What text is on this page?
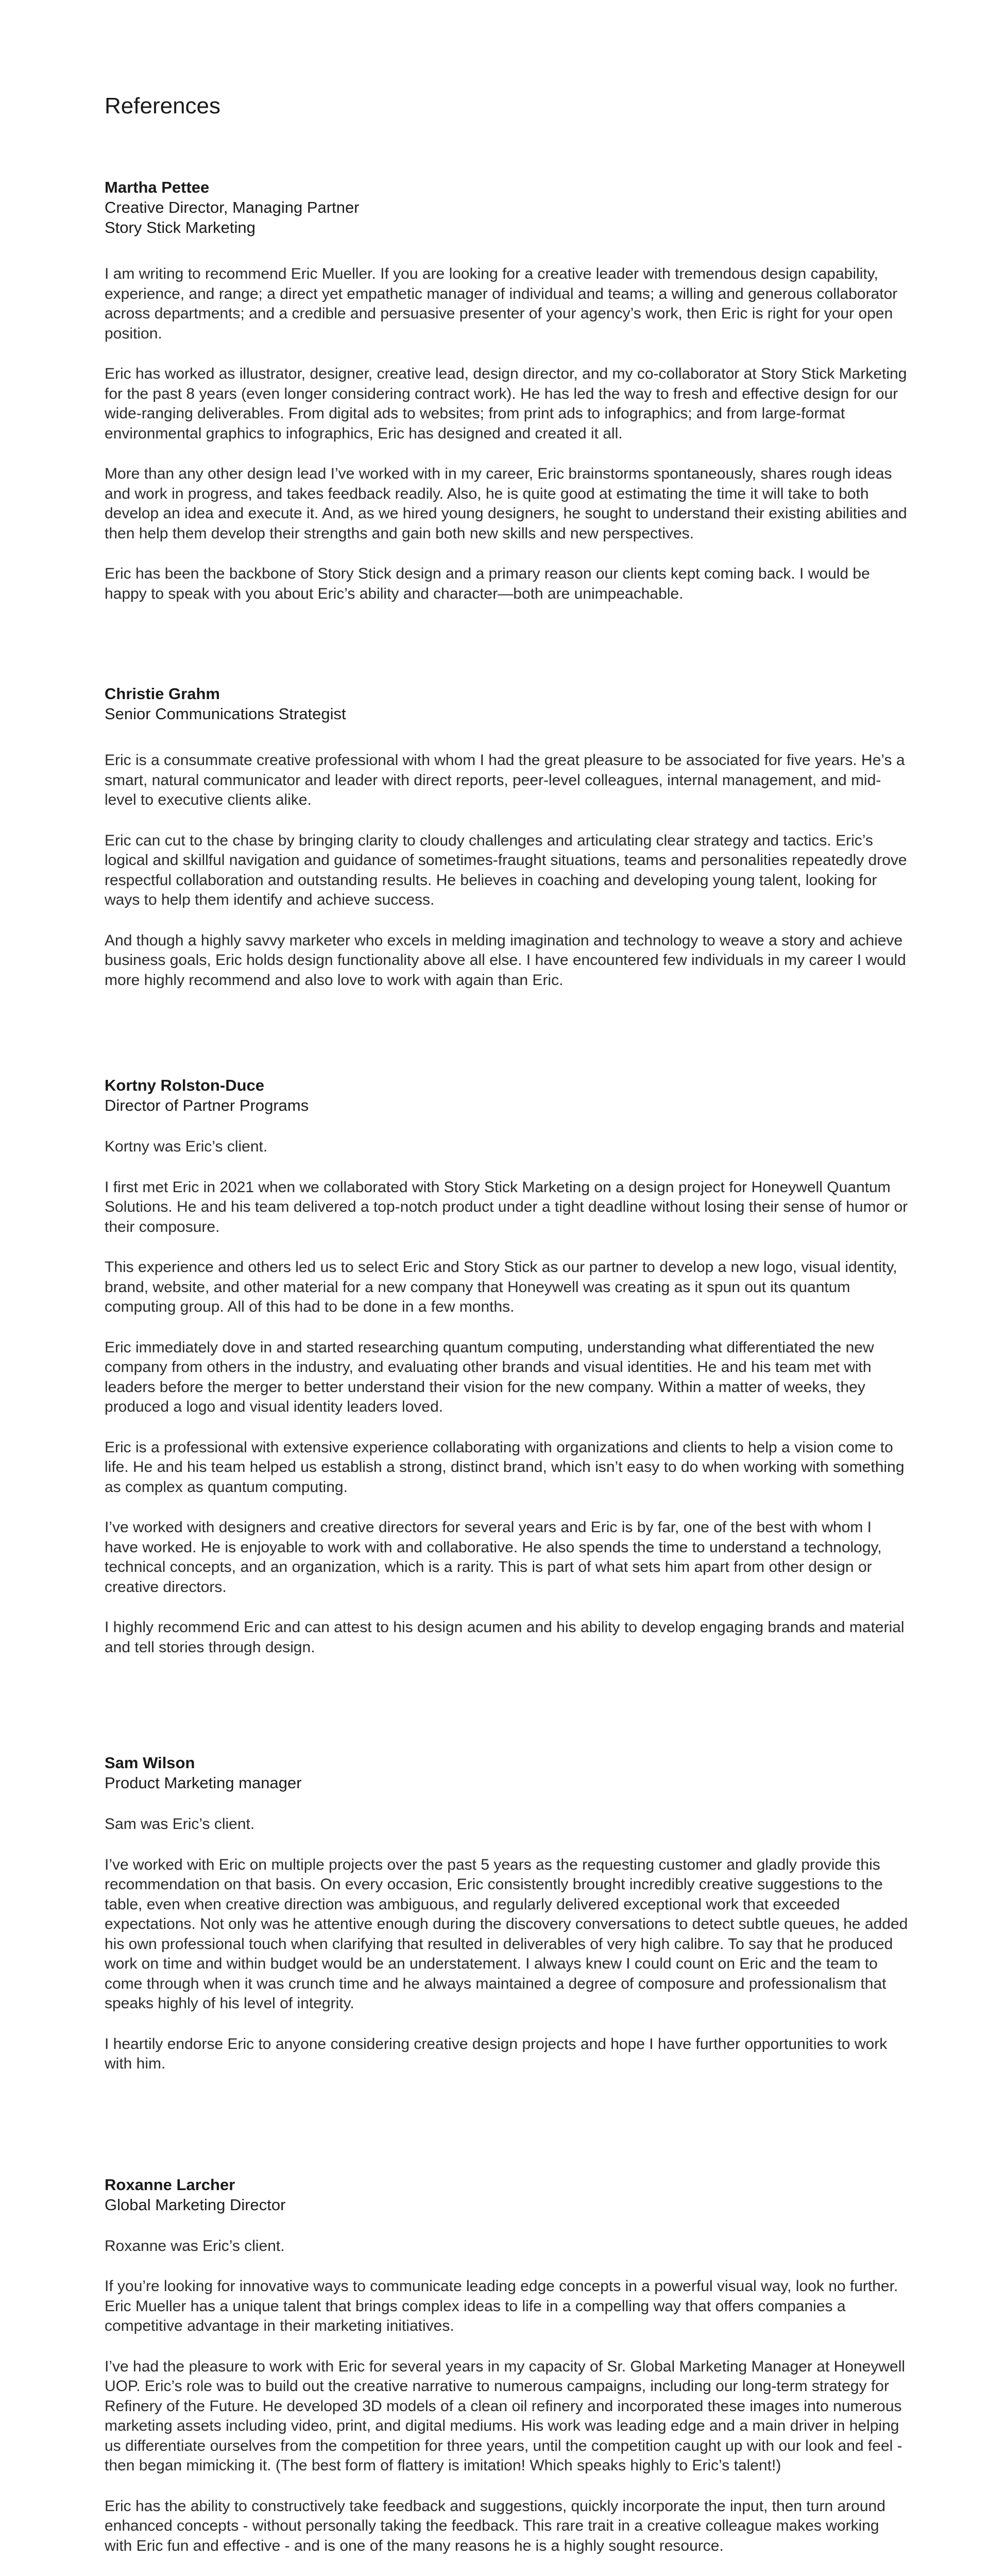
References
Martha Pettee
Creative Director, Managing Partner
Story Stick Marketing

I am writing to recommend Eric Mueller. If you are looking for a creative leader with tremendous design capability, experience, and range; a direct yet empathetic manager of individual and teams; a willing and generous collaborator across departments; and a credible and persuasive presenter of your agency’s work, then Eric is right for your open position.

Eric has worked as illustrator, designer, creative lead, design director, and my co-collaborator at Story Stick Marketing for the past 8 years (even longer considering contract work). He has led the way to fresh and effective design for our wide-ranging deliverables. From digital ads to websites; from print ads to infographics; and from large-format environmental graphics to infographics, Eric has designed and created it all.

More than any other design lead I’ve worked with in my career, Eric brainstorms spontaneously, shares rough ideas and work in progress, and takes feedback readily. Also, he is quite good at estimating the time it will take to both develop an idea and execute it. And, as we hired young designers, he sought to understand their existing abilities and then help them develop their strengths and gain both new skills and new perspectives.

Eric has been the backbone of Story Stick design and a primary reason our clients kept coming back. I would be happy to speak with you about Eric’s ability and character—both are unimpeachable.

Christie Grahm
Senior Communications Strategist

Eric is a consummate creative professional with whom I had the great pleasure to be associated for five years. He’s a smart, natural communicator and leader with direct reports, peer-level colleagues, internal management, and mid-level to executive clients alike.

Eric can cut to the chase by bringing clarity to cloudy challenges and articulating clear strategy and tactics. Eric’s logical and skillful navigation and guidance of sometimes-fraught situations, teams and personalities repeatedly drove respectful collaboration and outstanding results. He believes in coaching and developing young talent, looking for ways to help them identify and achieve success.

And though a highly savvy marketer who excels in melding imagination and technology to weave a story and achieve business goals, Eric holds design functionality above all else. I have encountered few individuals in my career I would more highly recommend and also love to work with again than Eric.

Kortny Rolston-Duce
Director of Partner Programs

Kortny was Eric’s client.

I first met Eric in 2021 when we collaborated with Story Stick Marketing on a design project for Honeywell Quantum Solutions. He and his team delivered a top-notch product under a tight deadline without losing their sense of humor or their composure.

This experience and others led us to select Eric and Story Stick as our partner to develop a new logo, visual identity, brand, website, and other material for a new company that Honeywell was creating as it spun out its quantum computing group. All of this had to be done in a few months.

Eric immediately dove in and started researching quantum computing, understanding what differentiated the new company from others in the industry, and evaluating other brands and visual identities. He and his team met with leaders before the merger to better understand their vision for the new company. Within a matter of weeks, they produced a logo and visual identity leaders loved.

Eric is a professional with extensive experience collaborating with organizations and clients to help a vision come to life. He and his team helped us establish a strong, distinct brand, which isn’t easy to do when working with something as complex as quantum computing.

I’ve worked with designers and creative directors for several years and Eric is by far, one of the best with whom I have worked. He is enjoyable to work with and collaborative. He also spends the time to understand a technology, technical concepts, and an organization, which is a rarity. This is part of what sets him apart from other design or creative directors.

I highly recommend Eric and can attest to his design acumen and his ability to develop engaging brands and material and tell stories through design.

Sam Wilson
Product Marketing manager

Sam was Eric’s client.

I’ve worked with Eric on multiple projects over the past 5 years as the requesting customer and gladly provide this recommendation on that basis. On every occasion, Eric consistently brought incredibly creative suggestions to the table, even when creative direction was ambiguous, and regularly delivered exceptional work that exceeded expectations. Not only was he attentive enough during the discovery conversations to detect subtle queues, he added his own professional touch when clarifying that resulted in deliverables of very high calibre. To say that he produced work on time and within budget would be an understatement. I always knew I could count on Eric and the team to come through when it was crunch time and he always maintained a degree of composure and professionalism that speaks highly of his level of integrity.

I heartily endorse Eric to anyone considering creative design projects and hope I have further opportunities to work with him.

Roxanne Larcher
Global Marketing Director

Roxanne was Eric’s client.

If you’re looking for innovative ways to communicate leading edge concepts in a powerful visual way, look no further. Eric Mueller has a unique talent that brings complex ideas to life in a compelling way that offers companies a competitive advantage in their marketing initiatives.

I’ve had the pleasure to work with Eric for several years in my capacity of Sr. Global Marketing Manager at Honeywell UOP. Eric’s role was to build out the creative narrative to numerous campaigns, including our long-term strategy for Refinery of the Future. He developed 3D models of a clean oil refinery and incorporated these images into numerous marketing assets including video, print, and digital mediums. His work was leading edge and a main driver in helping us differentiate ourselves from the competition for three years, until the competition caught up with our look and feel - then began mimicking it. (The best form of flattery is imitation! Which speaks highly to Eric’s talent!)

Eric has the ability to constructively take feedback and suggestions, quickly incorporate the input, then turn around enhanced concepts - without personally taking the feedback. This rare trait in a creative colleague makes working with Eric fun and effective - and is one of the many reasons he is a highly sought resource.
